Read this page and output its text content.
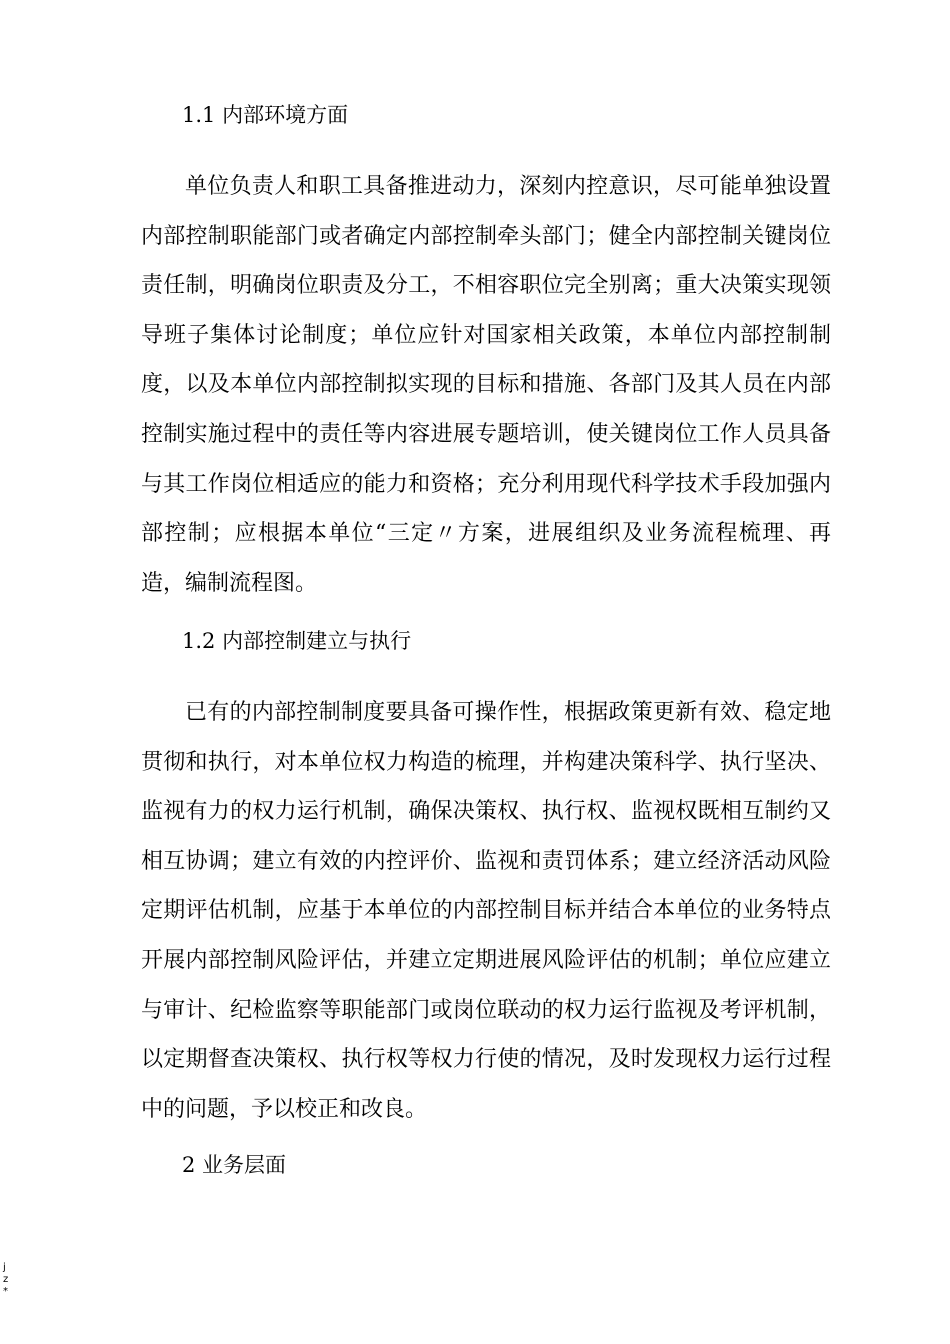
1.1 内部环境方面

单位负责人和职工具备推进动力，深刻内控意识，尽可能单独设置内部控制职能部门或者确定内部控制牵头部门；健全内部控制关键岗位责任制，明确岗位职责及分工，不相容职位完全别离；重大决策实现领导班子集体讨论制度；单位应针对国家相关政策，本单位内部控制制度，以及本单位内部控制拟实现的目标和措施、各部门及其人员在内部控制实施过程中的责任等内容进展专题培训，使关键岗位工作人员具备与其工作岗位相适应的能力和资格；充分利用现代科学技术手段加强内部控制；应根据本单位“三定〃方案，进展组织及业务流程梳理、再造，编制流程图。

1.2 内部控制建立与执行

已有的内部控制制度要具备可操作性，根据政策更新有效、稳定地贯彻和执行，对本单位权力构造的梳理，并构建决策科学、执行坚决、监视有力的权力运行机制，确保决策权、执行权、监视权既相互制约又相互协调；建立有效的内控评价、监视和责罚体系；建立经济活动风险定期评估机制，应基于本单位的内部控制目标并结合本单位的业务特点开展内部控制风险评估，并建立定期进展风险评估的机制；单位应建立与审计、纪检监察等职能部门或岗位联动的权力运行监视及考评机制，以定期督查决策权、执行权等权力行使的情况，及时发现权力运行过程中的问题，予以校正和改良。

2 业务层面
jz*
